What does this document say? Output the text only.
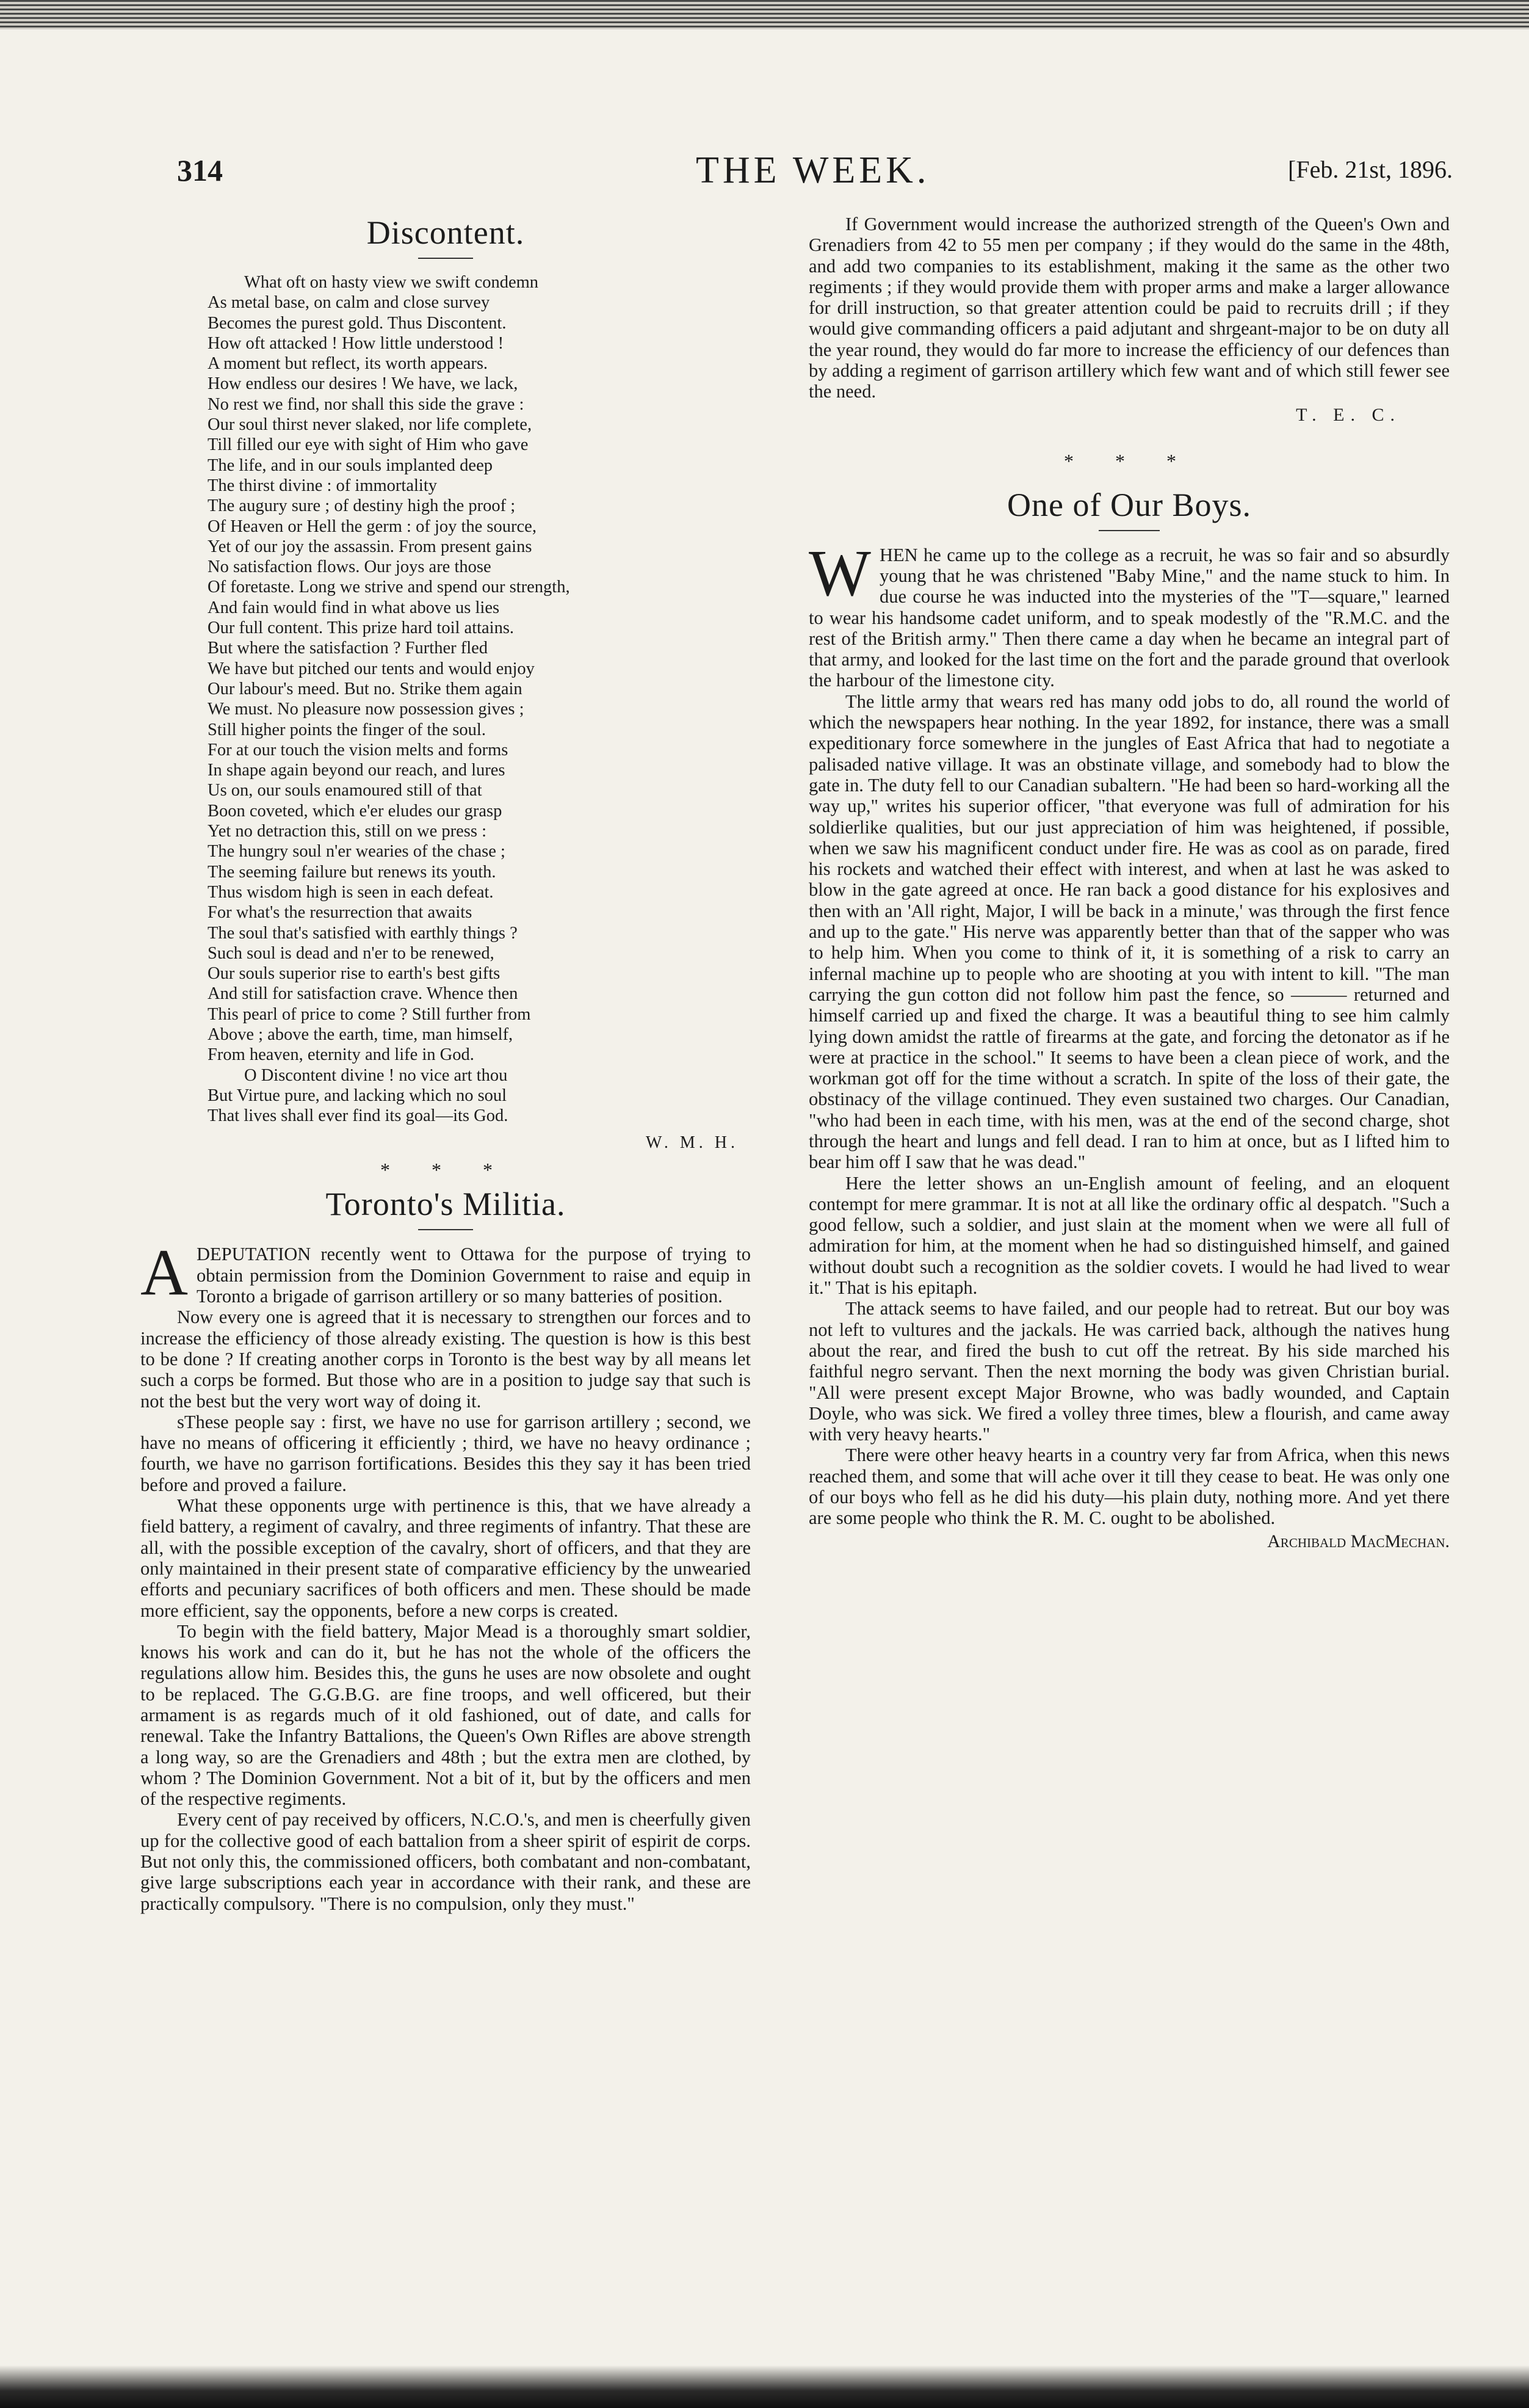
314	THE WEEK.	[Feb. 21st, 1896.
Discontent.
What oft on hasty view we swift condemn
As metal base, on calm and close survey
Becomes the purest gold. Thus Discontent.
How oft attacked ! How little understood !
A moment but reflect, its worth appears.
How endless our desires ! We have, we lack,
No rest we find, nor shall this side the grave :
Our soul thirst never slaked, nor life complete,
Till filled our eye with sight of Him who gave
The life, and in our souls implanted deep
The thirst divine : of immortality
The augury sure ; of destiny high the proof ;
Of Heaven or Hell the germ : of joy the source,
Yet of our joy the assassin. From present gains
No satisfaction flows. Our joys are those
Of foretaste. Long we strive and spend our strength,
And fain would find in what above us lies
Our full content. This prize hard toil attains.
But where the satisfaction ? Further fled
We have but pitched our tents and would enjoy
Our labour's meed. But no. Strike them again
We must. No pleasure now possession gives ;
Still higher points the finger of the soul.
For at our touch the vision melts and forms
In shape again beyond our reach, and lures
Us on, our souls enamoured still of that
Boon coveted, which e'er eludes our grasp
Yet no detraction this, still on we press :
The hungry soul n'er wearies of the chase ;
The seeming failure but renews its youth.
Thus wisdom high is seen in each defeat.
For what's the resurrection that awaits
The soul that's satisfied with earthly things ?
Such soul is dead and n'er to be renewed,
Our souls superior rise to earth's best gifts
And still for satisfaction crave. Whence then
This pearl of price to come ? Still further from
Above ; above the earth, time, man himself,
From heaven, eternity and life in God.
O Discontent divine ! no vice art thou
But Virtue pure, and lacking which no soul
That lives shall ever find its goal—its God.
W. M. H.
* * *
Toronto's Militia.

ADEPUTATION recently went to Ottawa for the purpose of trying to obtain permission from the Dominion Government to raise and equip in Toronto a brigade of garrison artillery or so many batteries of position.

Now every one is agreed that it is necessary to strengthen our forces and to increase the efficiency of those already existing. The question is how is this best to be done ? If creating another corps in Toronto is the best way by all means let such a corps be formed. But those who are in a position to judge say that such is not the best but the very wort way of doing it.

sThese people say : first, we have no use for garrison artillery ; second, we have no means of officering it efficiently ; third, we have no heavy ordinance ; fourth, we have no garrison fortifications. Besides this they say it has been tried before and proved a failure.

What these opponents urge with pertinence is this, that we have already a field battery, a regiment of cavalry, and three regiments of infantry. That these are all, with the possible exception of the cavalry, short of officers, and that they are only maintained in their present state of comparative efficiency by the unwearied efforts and pecuniary sacrifices of both officers and men. These should be made more efficient, say the opponents, before a new corps is created.

To begin with the field battery, Major Mead is a thoroughly smart soldier, knows his work and can do it, but he has not the whole of the officers the regulations allow him. Besides this, the guns he uses are now obsolete and ought to be replaced. The G.G.B.G. are fine troops, and well officered, but their armament is as regards much of it old fashioned, out of date, and calls for renewal. Take the Infantry Battalions, the Queen's Own Rifles are above strength a long way, so are the Grenadiers and 48th ; but the extra men are clothed, by whom ? The Dominion Government. Not a bit of it, but by the officers and men of the respective regiments.

Every cent of pay received by officers, N.C.O.'s, and men is cheerfully given up for the collective good of each battalion from a sheer spirit of espirit de corps. But not only this, the commissioned officers, both combatant and non-combatant, give large subscriptions each year in accordance with their rank, and these are practically compulsory. "There is no compulsion, only they must."

If Government would increase the authorized strength of the Queen's Own and Grenadiers from 42 to 55 men per company ; if they would do the same in the 48th, and add two companies to its establishment, making it the same as the other two regiments ; if they would provide them with proper arms and make a larger allowance for drill instruction, so that greater attention could be paid to recruits drill ; if they would give commanding officers a paid adjutant and shrgeant-major to be on duty all the year round, they would do far more to increase the efficiency of our defences than by adding a regiment of garrison artillery which few want and of which still fewer see the need.

T. E. C.
* * *
One of Our Boys.

WHEN he came up to the college as a recruit, he was so fair and so absurdly young that he was christened "Baby Mine," and the name stuck to him. In due course he was inducted into the mysteries of the "T—square," learned to wear his handsome cadet uniform, and to speak modestly of the "R.M.C. and the rest of the British army." Then there came a day when he became an integral part of that army, and looked for the last time on the fort and the parade ground that overlook the harbour of the limestone city.

The little army that wears red has many odd jobs to do, all round the world of which the newspapers hear nothing. In the year 1892, for instance, there was a small expeditionary force somewhere in the jungles of East Africa that had to negotiate a palisaded native village. It was an obstinate village, and somebody had to blow the gate in. The duty fell to our Canadian subaltern. "He had been so hard-working all the way up," writes his superior officer, "that everyone was full of admiration for his soldierlike qualities, but our just appreciation of him was heightened, if possible, when we saw his magnificent conduct under fire. He was as cool as on parade, fired his rockets and watched their effect with interest, and when at last he was asked to blow in the gate agreed at once. He ran back a good distance for his explosives and then with an 'All right, Major, I will be back in a minute,' was through the first fence and up to the gate." His nerve was apparently better than that of the sapper who was to help him. When you come to think of it, it is something of a risk to carry an infernal machine up to people who are shooting at you with intent to kill. "The man carrying the gun cotton did not follow him past the fence, so ——— returned and himself carried up and fixed the charge. It was a beautiful thing to see him calmly lying down amidst the rattle of firearms at the gate, and forcing the detonator as if he were at practice in the school." It seems to have been a clean piece of work, and the workman got off for the time without a scratch. In spite of the loss of their gate, the obstinacy of the village continued. They even sustained two charges. Our Canadian, "who had been in each time, with his men, was at the end of the second charge, shot through the heart and lungs and fell dead. I ran to him at once, but as I lifted him to bear him off I saw that he was dead."

Here the letter shows an un-English amount of feeling, and an eloquent contempt for mere grammar. It is not at all like the ordinary offic al despatch. "Such a good fellow, such a soldier, and just slain at the moment when we were all full of admiration for him, at the moment when he had so distinguished himself, and gained without doubt such a recognition as the soldier covets. I would he had lived to wear it." That is his epitaph.

The attack seems to have failed, and our people had to retreat. But our boy was not left to vultures and the jackals. He was carried back, although the natives hung about the rear, and fired the bush to cut off the retreat. By his side marched his faithful negro servant. Then the next morning the body was given Christian burial. "All were present except Major Browne, who was badly wounded, and Captain Doyle, who was sick. We fired a volley three times, blew a flourish, and came away with very heavy hearts."

There were other heavy hearts in a country very far from Africa, when this news reached them, and some that will ache over it till they cease to beat. He was only one of our boys who fell as he did his duty—his plain duty, nothing more. And yet there are some people who think the R. M. C. ought to be abolished.

Archibald MacMechan.
